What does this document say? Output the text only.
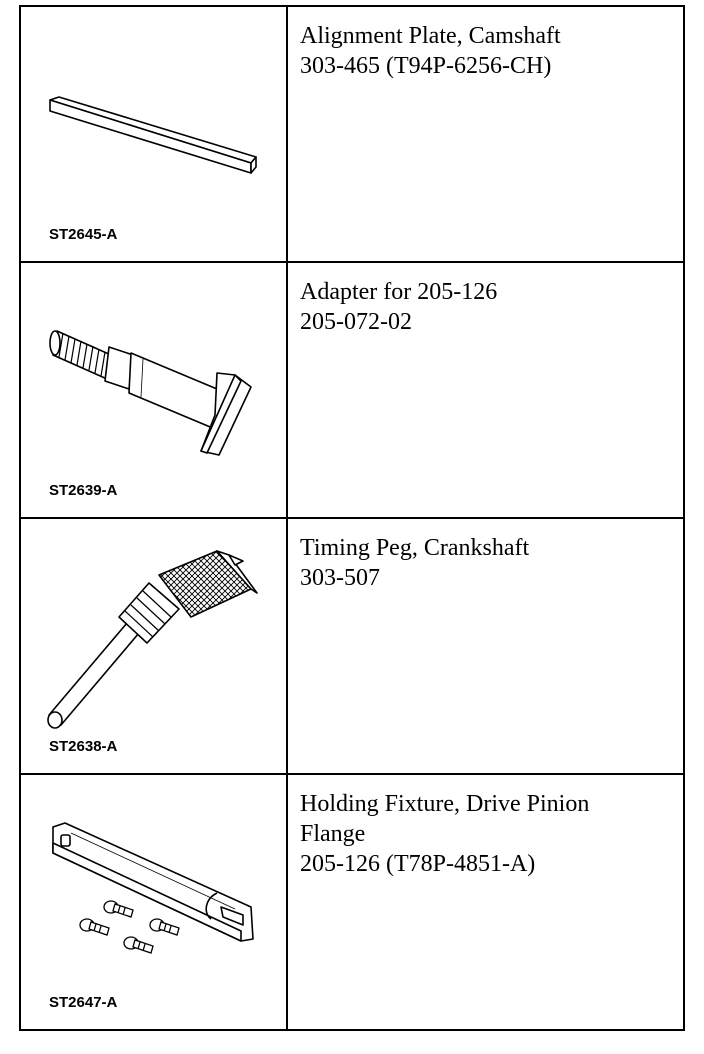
ST2645-A	Alignment Plate, Camshaft
303-465 (T94P-6256-CH)

ST2639-A	Adapter for 205-126
205-072-02

ST2638-A	Timing Peg, Crankshaft
303-507

ST2647-A	Holding Fixture, Drive Pinion
Flange
205-126 (T78P-4851-A)
